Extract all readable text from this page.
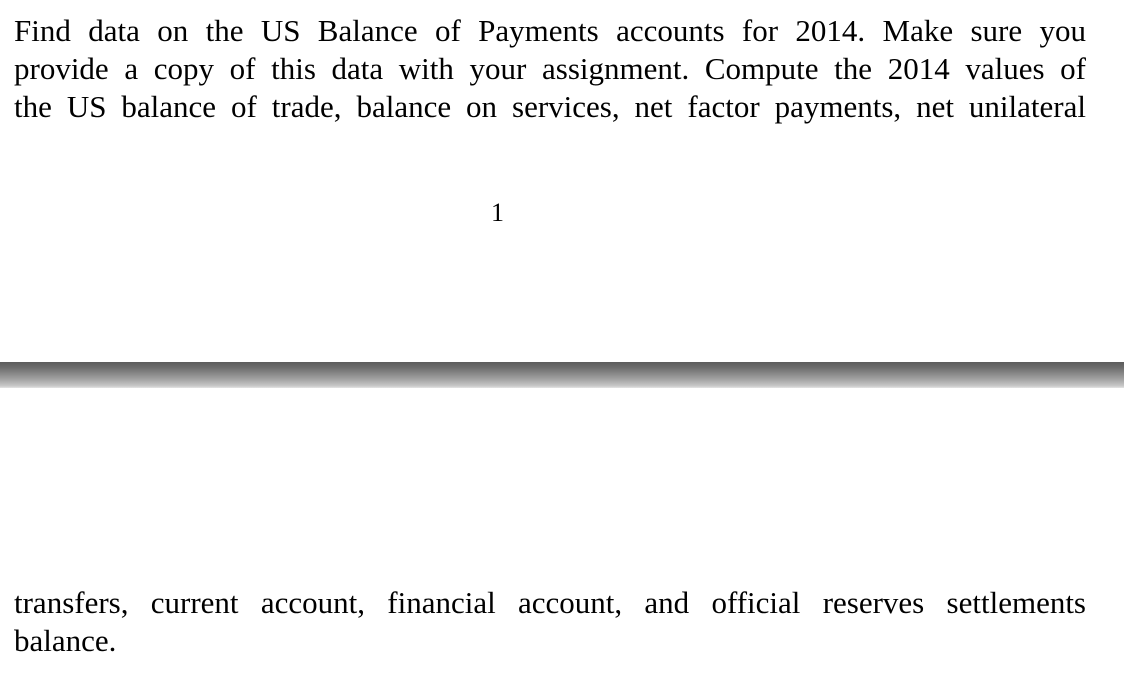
Find data on the US Balance of Payments accounts for 2014. Make sure you
provide a copy of this data with your assignment. Compute the 2014 values of
the US balance of trade, balance on services, net factor payments, net unilateral
1
transfers, current account, financial account, and official reserves settlements
balance.
